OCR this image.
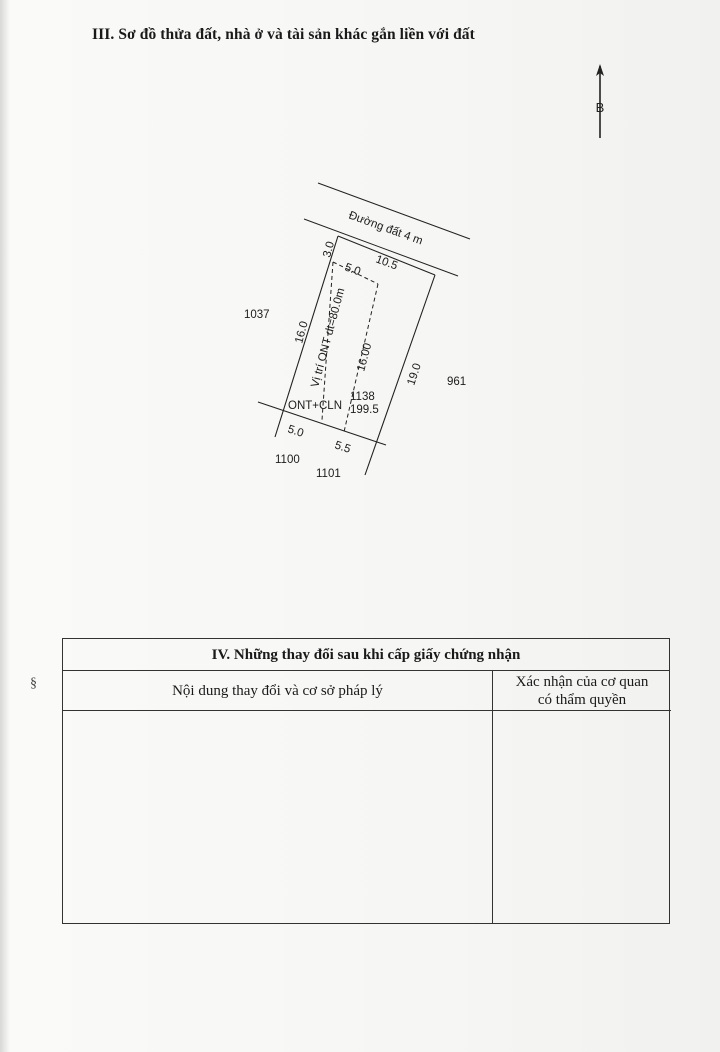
III. Sơ đồ thửa đất, nhà ở và tài sản khác gắn liền với đất
B
Đường đất 4 m
3.0
5.0 10.5
16.0
Vị trí ONT dt=80.0m 16.00
19.0
1138
ONT+CLN 199.5
5.0
5.5
1037
961
1100
1101
§
IV. Những thay đổi sau khi cấp giấy chứng nhận
Nội dung thay đổi và cơ sở pháp lý
Xác nhận của cơ quan
có thẩm quyền
